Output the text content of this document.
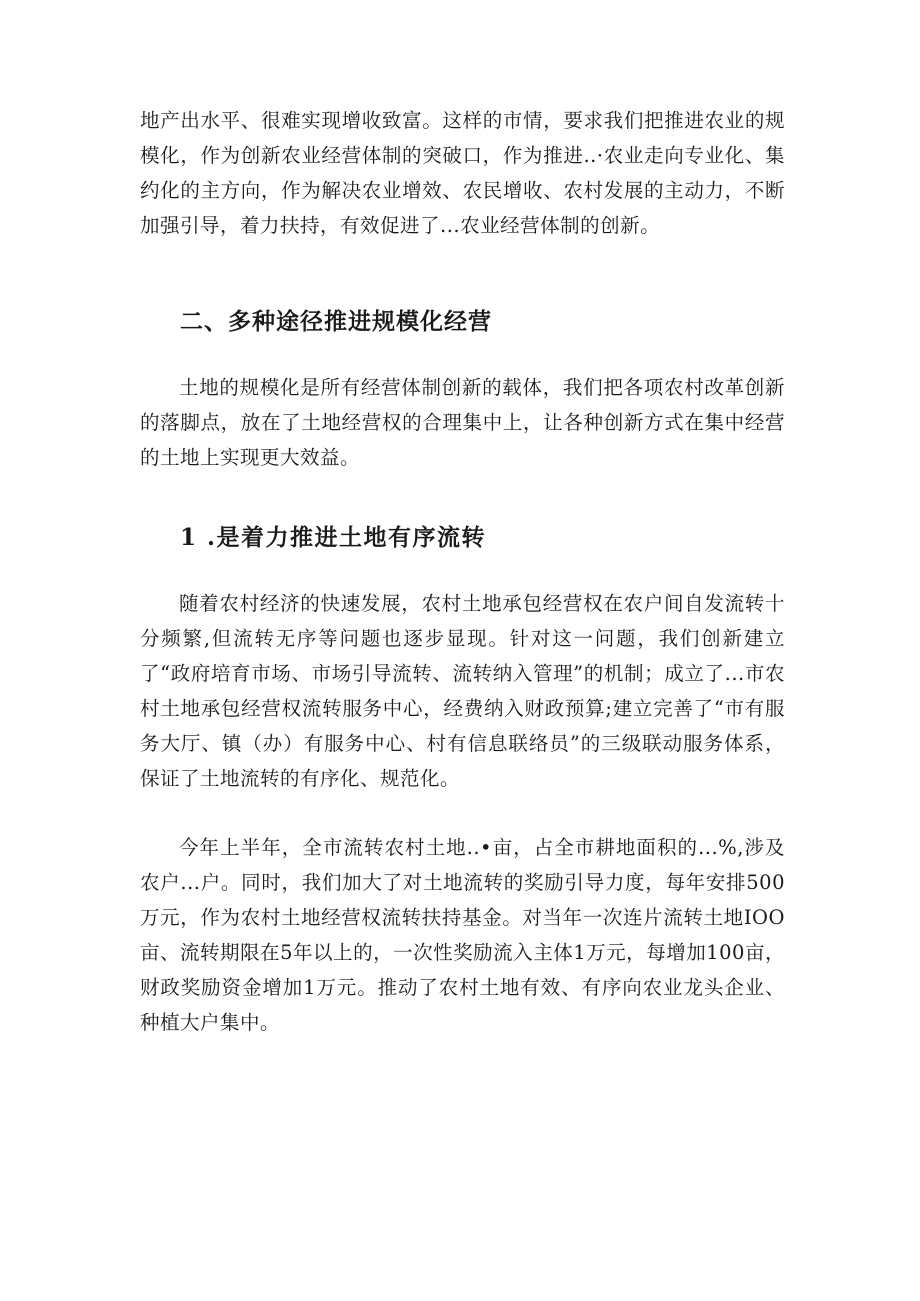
地产出水平、很难实现增收致富。这样的市情，要求我们把推进农业的规模化，作为创新农业经营体制的突破口，作为推进..·农业走向专业化、集约化的主方向，作为解决农业增效、农民增收、农村发展的主动力，不断加强引导，着力扶持，有效促进了...农业经营体制的创新。

二、多种途径推进规模化经营

土地的规模化是所有经营体制创新的载体，我们把各项农村改革创新的落脚点，放在了土地经营权的合理集中上，让各种创新方式在集中经营的土地上实现更大效益。

1 .是着力推进土地有序流转

随着农村经济的快速发展，农村土地承包经营权在农户间自发流转十分频繁,但流转无序等问题也逐步显现。针对这一问题，我们创新建立了“政府培育市场、市场引导流转、流转纳入管理”的机制；成立了...市农村土地承包经营权流转服务中心，经费纳入财政预算;建立完善了“市有服务大厅、镇（办）有服务中心、村有信息联络员”的三级联动服务体系，保证了土地流转的有序化、规范化。

今年上半年，全市流转农村土地..•亩，占全市耕地面积的...%,涉及农户...户。同时，我们加大了对土地流转的奖励引导力度，每年安排500万元，作为农村土地经营权流转扶持基金。对当年一次连片流转土地IOO亩、流转期限在5年以上的，一次性奖励流入主体1万元，每增加100亩，财政奖励资金增加1万元。推动了农村土地有效、有序向农业龙头企业、种植大户集中。
